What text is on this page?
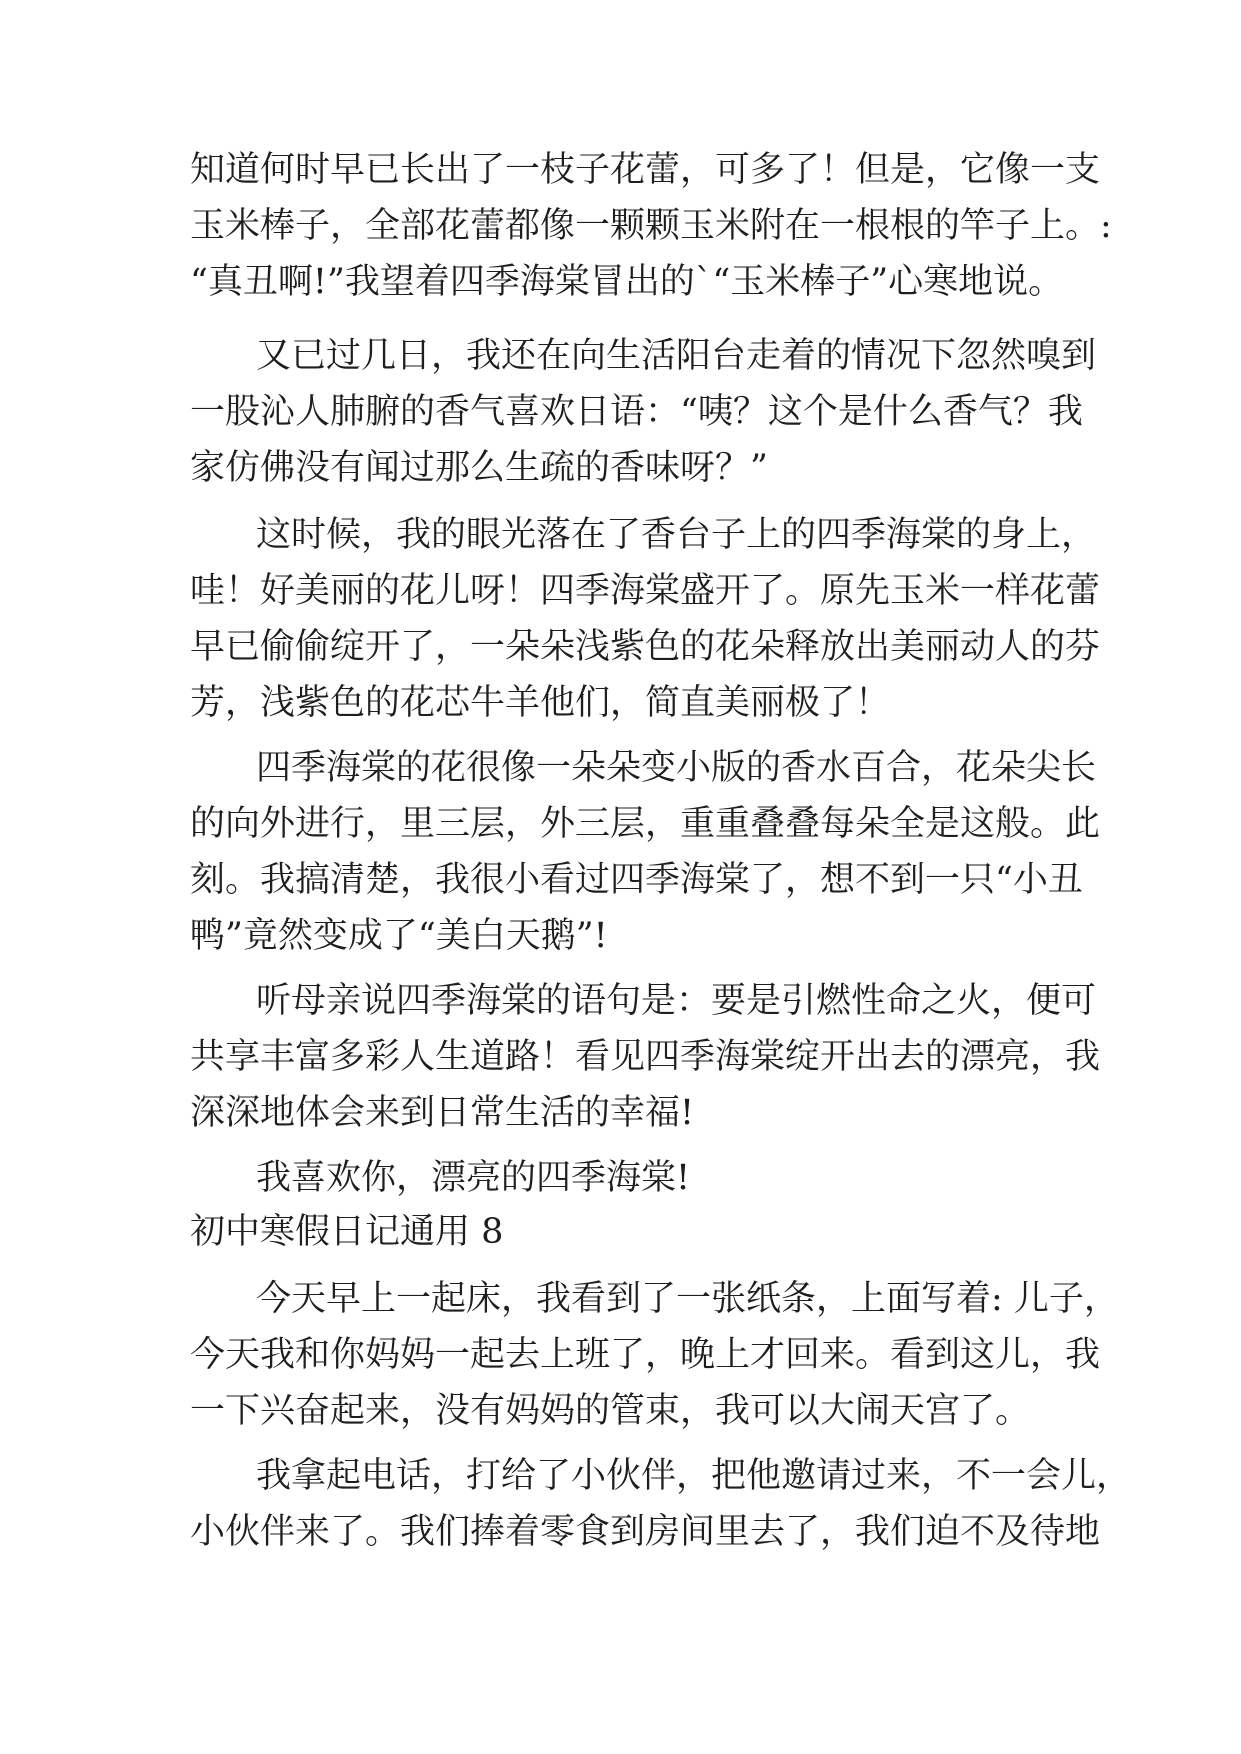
知道何时早已长出了一枝子花蕾，可多了！但是，它像一支
玉米棒子，全部花蕾都像一颗颗玉米附在一根根的竿子上。:
“真丑啊!”我望着四季海棠冒出的`“玉米棒子”心寒地说。
又已过几日，我还在向生活阳台走着的情况下忽然嗅到
一股沁人肺腑的香气喜欢日语：“咦？这个是什么香气？我
家仿佛没有闻过那么生疏的香味呀？”
这时候，我的眼光落在了香台子上的四季海棠的身上，
哇！好美丽的花儿呀！四季海棠盛开了。原先玉米一样花蕾
早已偷偷绽开了，一朵朵浅紫色的花朵释放出美丽动人的芬
芳，浅紫色的花芯牛羊他们，简直美丽极了！
四季海棠的花很像一朵朵变小版的香水百合，花朵尖长
的向外进行，里三层，外三层，重重叠叠每朵全是这般。此
刻。我搞清楚，我很小看过四季海棠了，想不到一只“小丑
鸭”竟然变成了“美白天鹅”!
听母亲说四季海棠的语句是：要是引燃性命之火，便可
共享丰富多彩人生道路！看见四季海棠绽开出去的漂亮，我
深深地体会来到日常生活的幸福!
我喜欢你，漂亮的四季海棠!
初中寒假日记通用 8
今天早上一起床，我看到了一张纸条，上面写着: 儿子，
今天我和你妈妈一起去上班了，晚上才回来。看到这儿，我
一下兴奋起来，没有妈妈的管束，我可以大闹天宫了。
我拿起电话，打给了小伙伴，把他邀请过来，不一会儿，
小伙伴来了。我们捧着零食到房间里去了，我们迫不及待地
